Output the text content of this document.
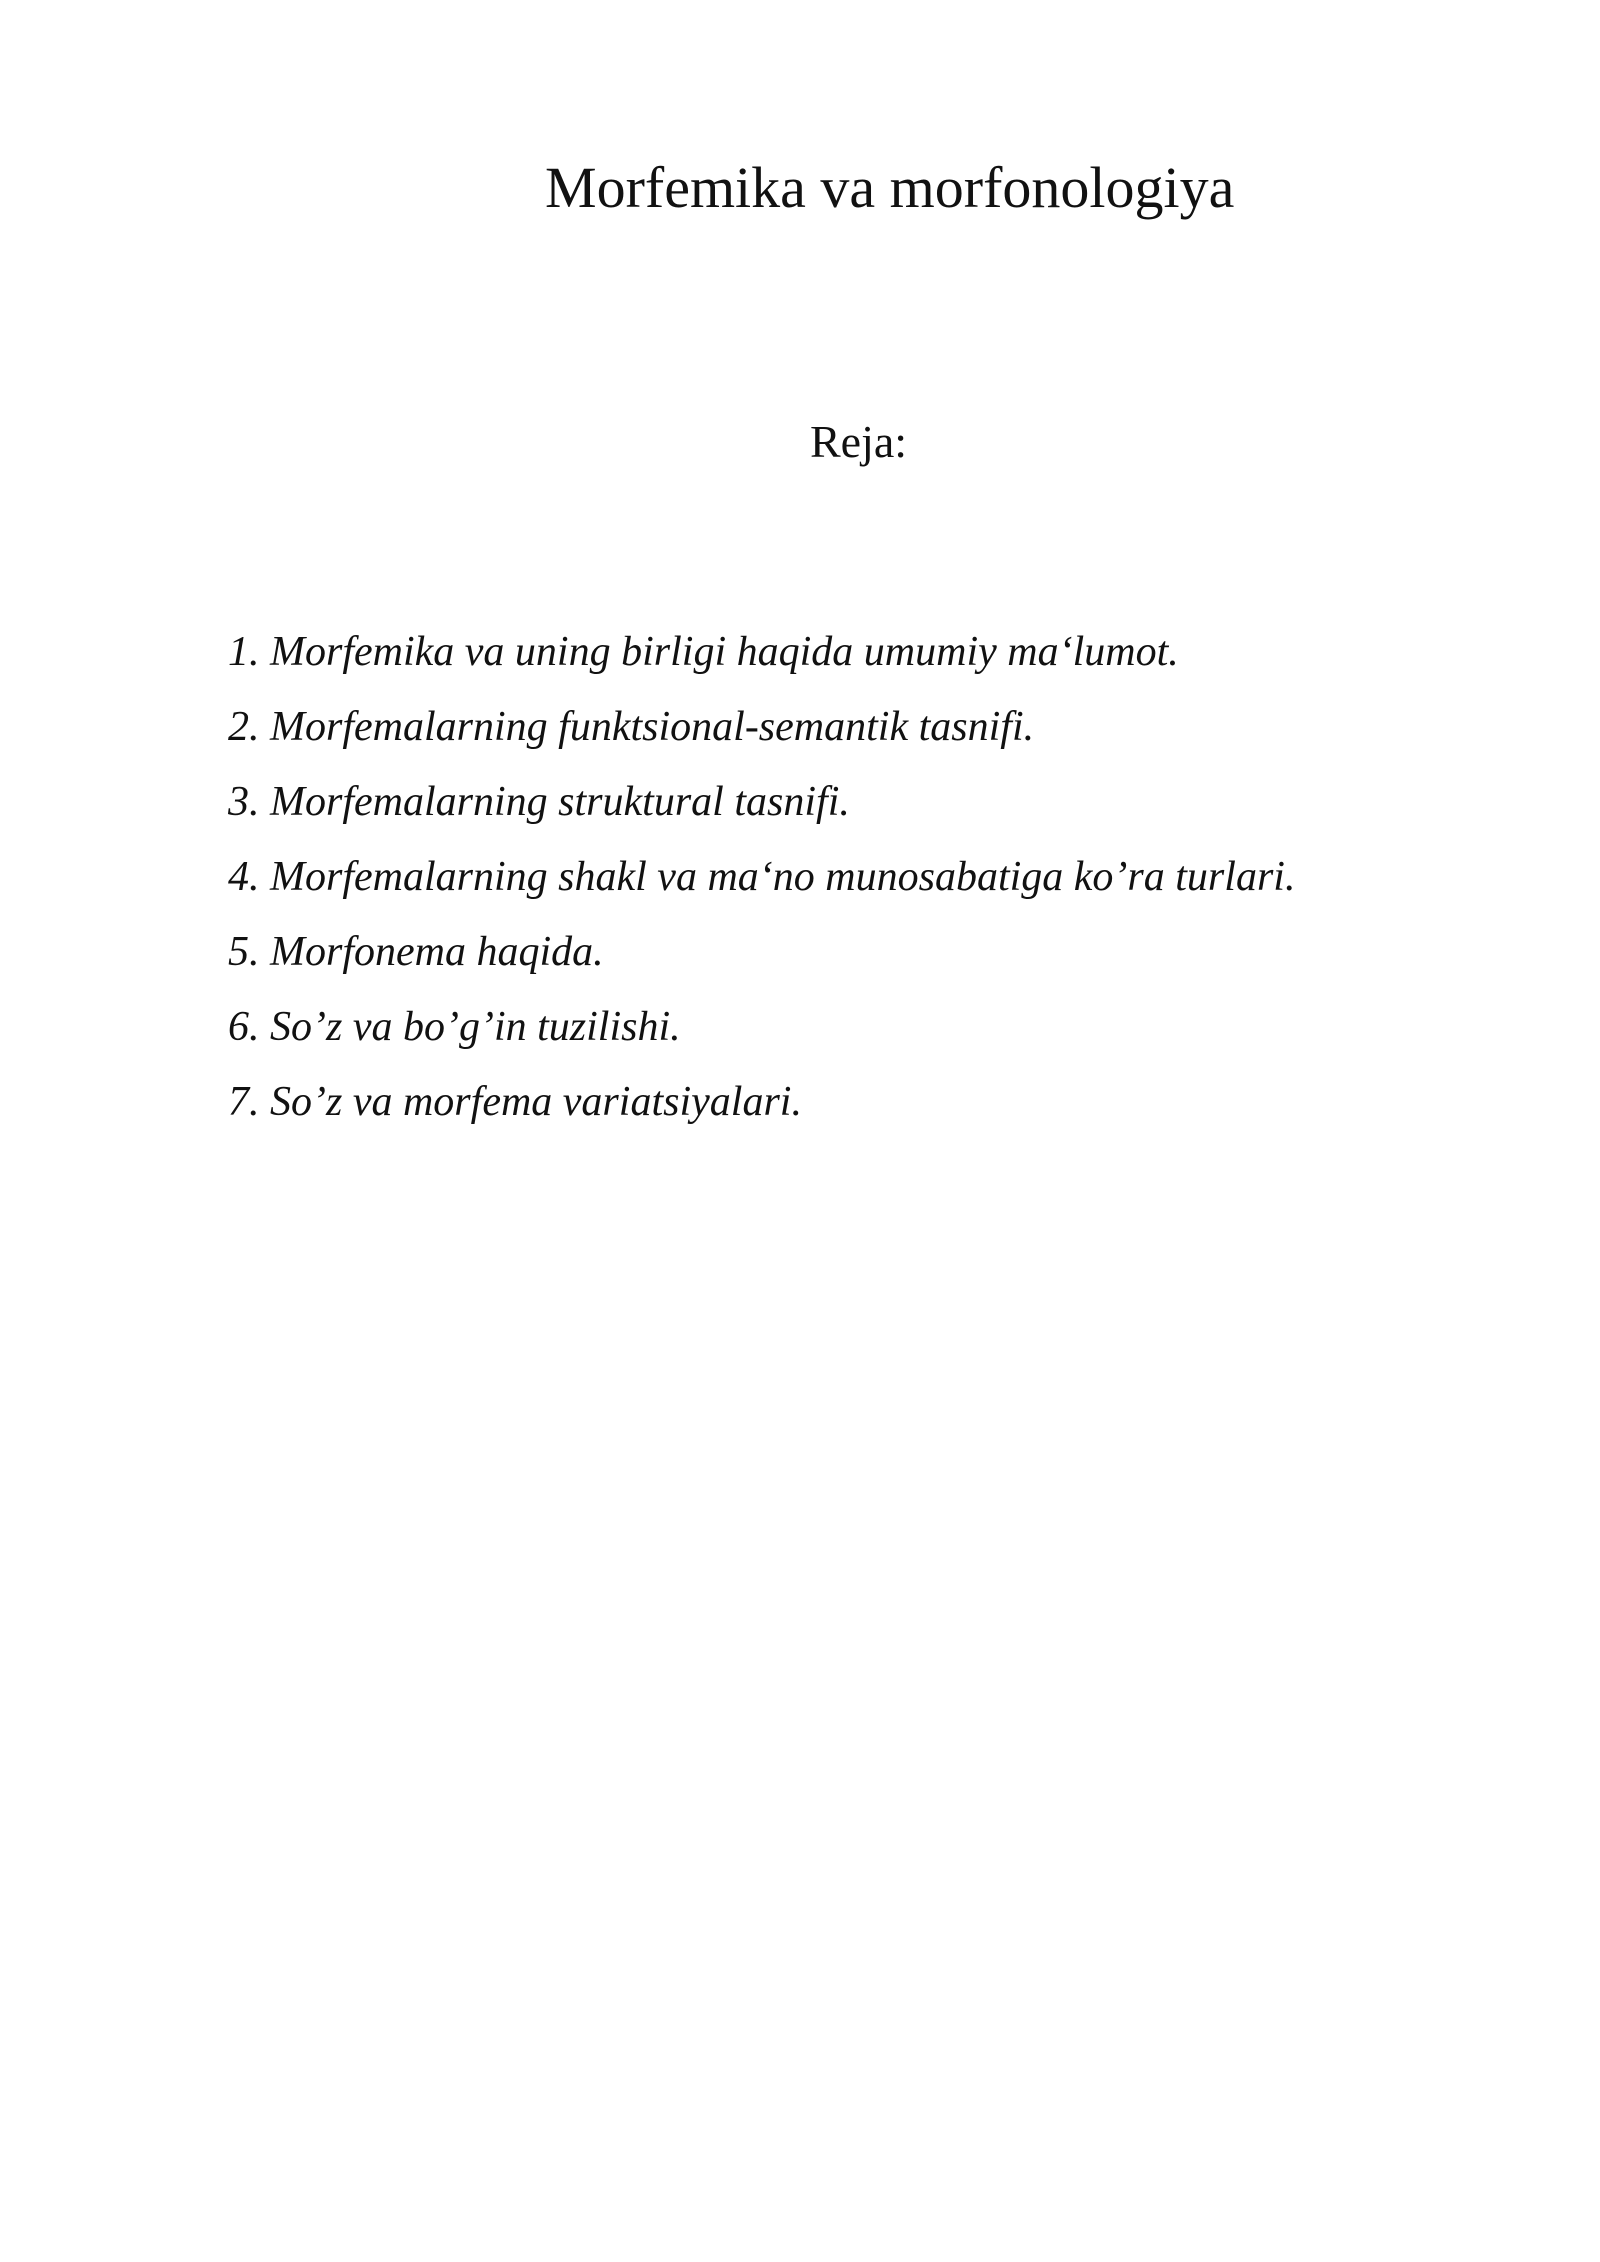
Morfemika va morfonologiya
Reja:
1. Morfemika va uning birligi haqida umumiy ma‘lumot.
2. Morfemalarning funktsional-semantik tasnifi.
3. Morfemalarning struktural tasnifi.
4. Morfemalarning shakl va ma‘no munosabatiga ko’ra turlari.
5. Morfonema haqida.
6. So’z va bo’g’in tuzilishi.
7. So’z va morfema variatsiyalari.
